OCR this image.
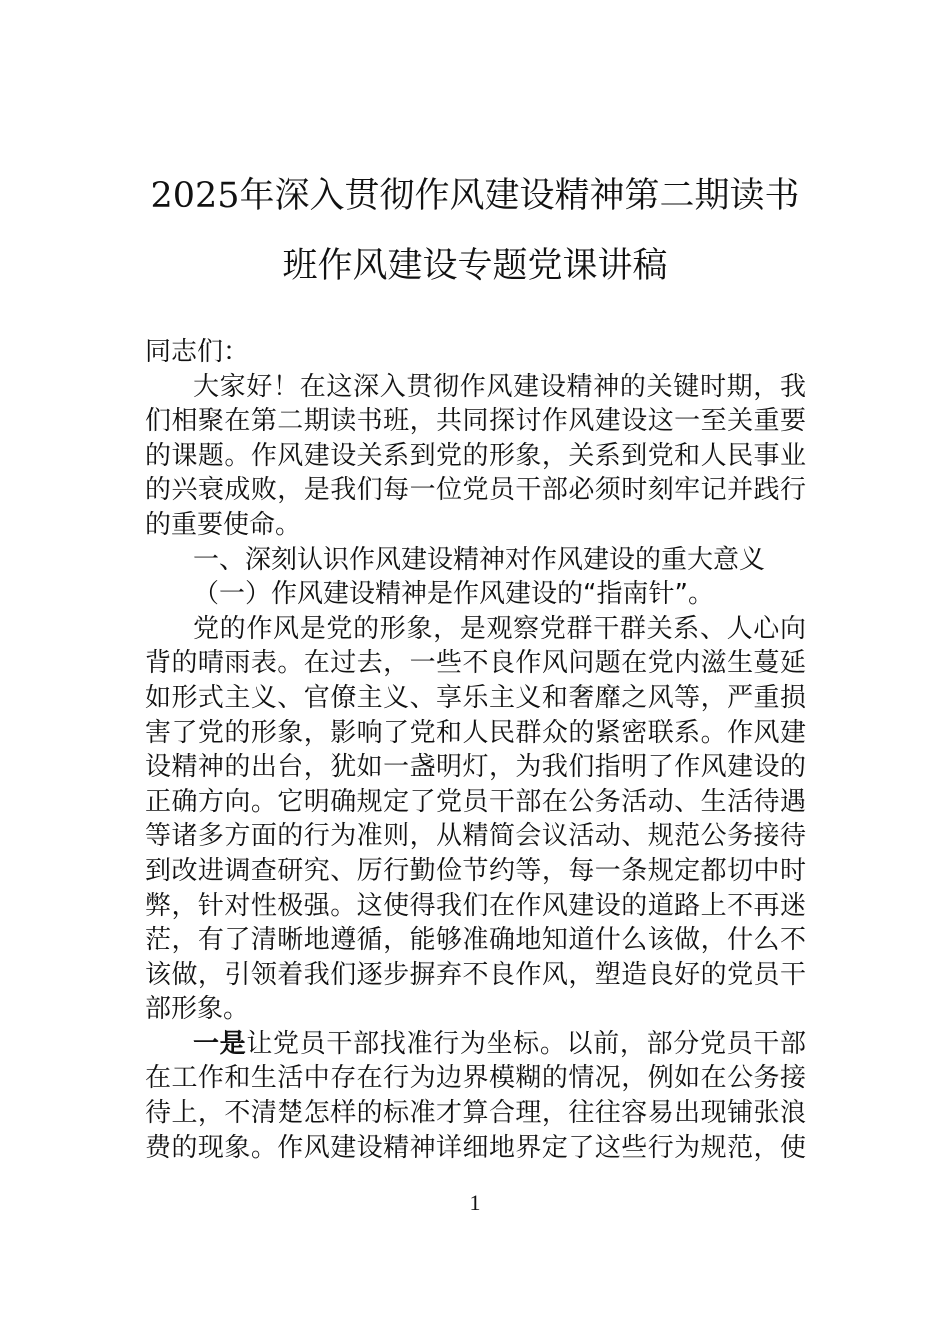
2025年深入贯彻作风建设精神第二期读书
班作风建设专题党课讲稿
同志们：
大家好！在这深入贯彻作风建设精神的关键时期，我
们相聚在第二期读书班，共同探讨作风建设这一至关重要
的课题。作风建设关系到党的形象，关系到党和人民事业
的兴衰成败，是我们每一位党员干部必须时刻牢记并践行
的重要使命。
一、深刻认识作风建设精神对作风建设的重大意义
（一）作风建设精神是作风建设的“指南针”。
党的作风是党的形象，是观察党群干群关系、人心向
背的晴雨表。在过去，一些不良作风问题在党内滋生蔓延
如形式主义、官僚主义、享乐主义和奢靡之风等，严重损
害了党的形象，影响了党和人民群众的紧密联系。作风建
设精神的出台，犹如一盏明灯，为我们指明了作风建设的
正确方向。它明确规定了党员干部在公务活动、生活待遇
等诸多方面的行为准则，从精简会议活动、规范公务接待
到改进调查研究、厉行勤俭节约等，每一条规定都切中时
弊，针对性极强。这使得我们在作风建设的道路上不再迷
茫，有了清晰地遵循，能够准确地知道什么该做，什么不
该做，引领着我们逐步摒弃不良作风，塑造良好的党员干
部形象。
一是让党员干部找准行为坐标。以前，部分党员干部
在工作和生活中存在行为边界模糊的情况，例如在公务接
待上，不清楚怎样的标准才算合理，往往容易出现铺张浪
费的现象。作风建设精神详细地界定了这些行为规范，使
1
